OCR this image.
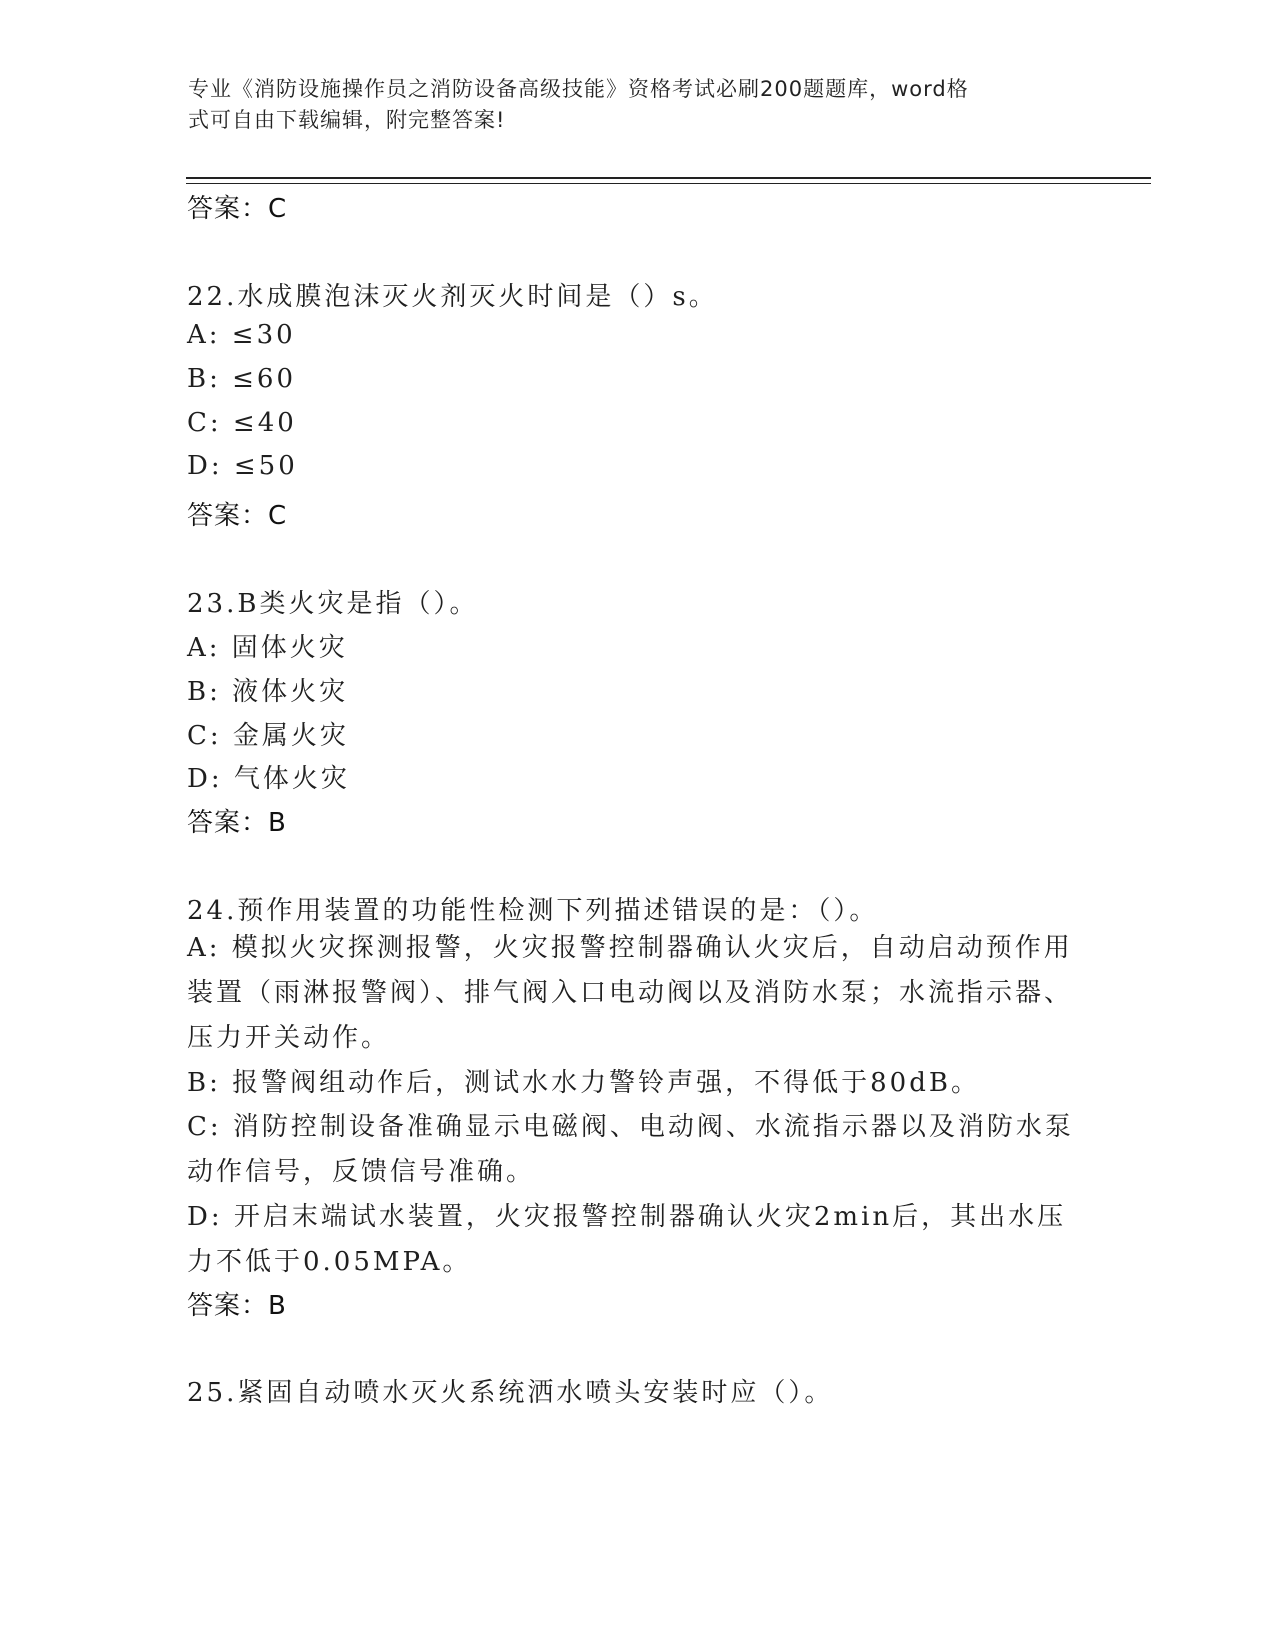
专业《消防设施操作员之消防设备高级技能》资格考试必刷200题题库，word格
式可自由下载编辑，附完整答案!
答案：C
22.水成膜泡沫灭火剂灭火时间是（）s。
A: ≤30
B: ≤60
C: ≤40
D: ≤50
答案：C
23.B类火灾是指（）。
A: 固体火灾
B: 液体火灾
C: 金属火灾
D: 气体火灾
答案：B
24.预作用装置的功能性检测下列描述错误的是：（）。
A: 模拟火灾探测报警，火灾报警控制器确认火灾后，自动启动预作用装置（雨淋报警阀）、排气阀入口电动阀以及消防水泵；水流指示器、压力开关动作。
B: 报警阀组动作后，测试水水力警铃声强，不得低于80dB。
C: 消防控制设备准确显示电磁阀、电动阀、水流指示器以及消防水泵动作信号，反馈信号准确。
D: 开启末端试水装置，火灾报警控制器确认火灾2min后，其出水压力不低于0.05MPA。
答案：B
25.紧固自动喷水灭火系统洒水喷头安装时应（）。
